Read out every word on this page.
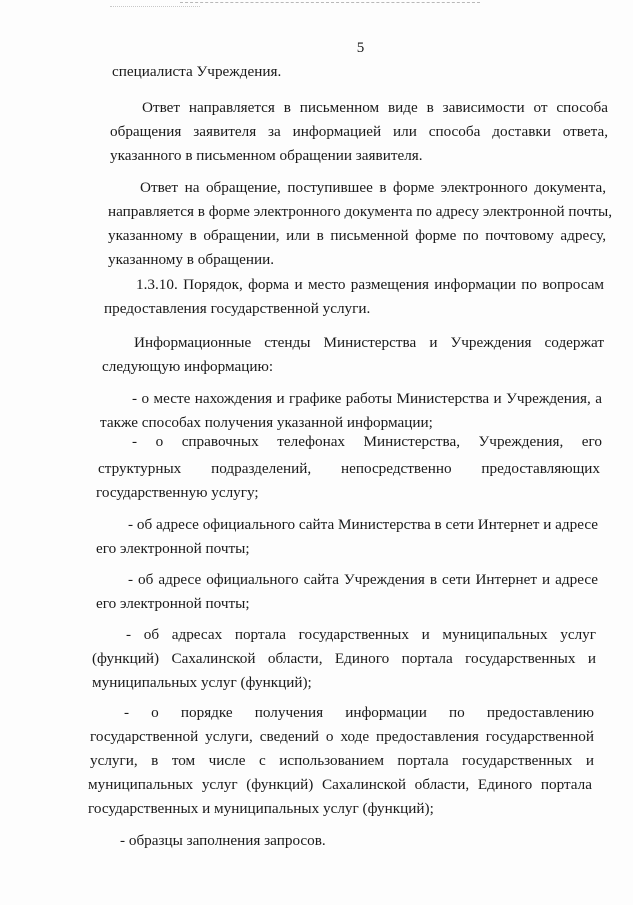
5
специалиста Учреждения.
Ответ направляется в письменном виде в зависимости от способа
обращения заявителя за информацией или способа доставки ответа,
указанного в письменном обращении заявителя.
Ответ на обращение, поступившее в форме электронного документа,
направляется в форме электронного документа по адресу электронной почты,
указанному в обращении, или в письменной форме по почтовому адресу,
указанному в обращении.
1.3.10. Порядок, форма и место размещения информации по вопросам
предоставления государственной услуги.
Информационные стенды Министерства и Учреждения содержат
следующую информацию:
- о месте нахождения и графике работы Министерства и Учреждения, а
также способах получения указанной информации;
- о справочных телефонах Министерства, Учреждения, его
структурных подразделений, непосредственно предоставляющих
государственную услугу;
- об адресе официального сайта Министерства в сети Интернет и адресе
его электронной почты;
- об адресе официального сайта Учреждения в сети Интернет и адресе
его электронной почты;
- об адресах портала государственных и муниципальных услуг
(функций) Сахалинской области, Единого портала государственных и
муниципальных услуг (функций);
- о порядке получения информации по предоставлению
государственной услуги, сведений о ходе предоставления государственной
услуги, в том числе с использованием портала государственных и
муниципальных услуг (функций) Сахалинской области, Единого портала
государственных и муниципальных услуг (функций);
- образцы заполнения запросов.
